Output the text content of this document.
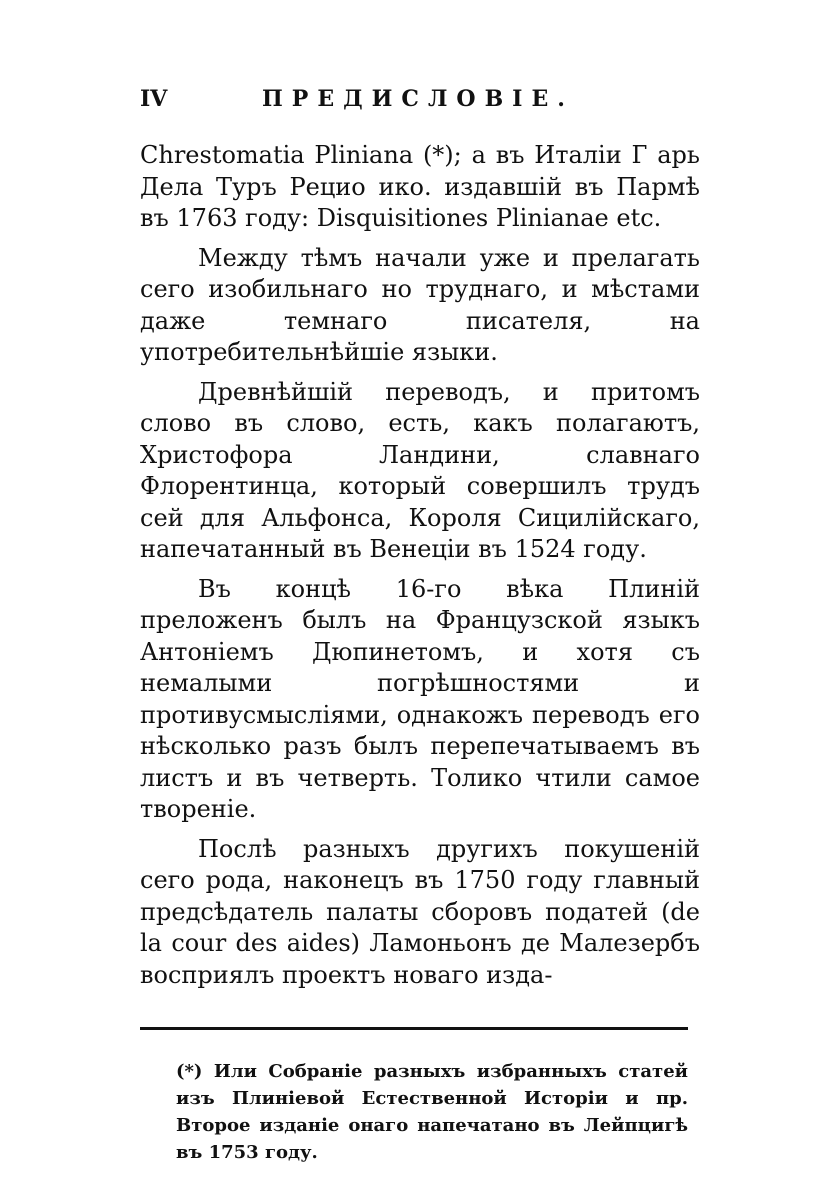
IV	ПРЕДИСЛОВІЕ.

Chrestomatia Pliniana (*); а въ Италіи Г арь Дела Туръ Рецио ико. издавшій въ Пармѣ въ 1763 году: Disquisitiones Plinianae etc.

Между тѣмъ начали уже и прелагать сего изобильнаго но труднаго, и мѣстами даже темнаго писателя, на употребительнѣйшіе языки.

Древнѣйшій переводъ, и притомъ слово въ слово, есть, какъ полагаютъ, Христофора Ландини, славнаго Флорентинца, который совершилъ трудъ сей для Альфонса, Короля Сицилійскаго, напечатанный въ Венеціи въ 1524 году.

Въ концѣ 16-го вѣка Плиній преложенъ былъ на Французской языкъ Антоніемъ Дюпинетомъ, и хотя съ немалыми погрѣшностями и противусмысліями, однакожъ переводъ его нѣсколько разъ былъ перепечатываемъ въ листъ и въ четверть. Толико чтили самое твореніе.

Послѣ разныхъ другихъ покушеній сего рода, наконецъ въ 1750 году главный предсѣдатель палаты сборовъ податей (de la cour des aides) Ламоньонъ де Малезербъ восприялъ проектъ новаго изда-

(*) Или Собраніе разныхъ избранныхъ статей изъ Плиніевой Естественной Исторіи и пр. Второе изданіе онаго напечатано въ Лейпцигѣ въ 1753 году.
